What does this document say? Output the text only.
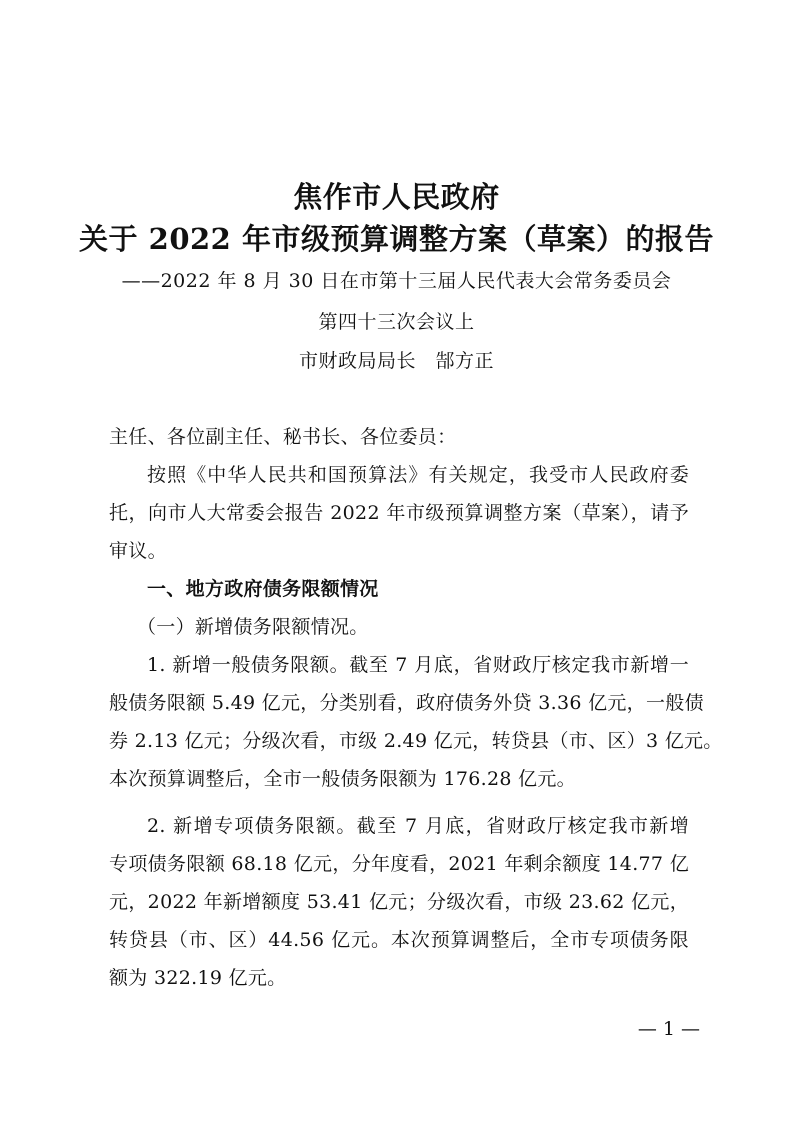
焦作市人民政府
关于 2022 年市级预算调整方案（草案）的报告
——2022 年 8 月 30 日在市第十三届人民代表大会常务委员会
第四十三次会议上
市财政局局长　郜方正
主任、各位副主任、秘书长、各位委员：
按照《中华人民共和国预算法》有关规定，我受市人民政府委
托，向市人大常委会报告 2022 年市级预算调整方案（草案），请予
审议。
一、地方政府债务限额情况
（一）新增债务限额情况。
1. 新增一般债务限额。截至 7 月底，省财政厅核定我市新增一
般债务限额 5.49 亿元，分类别看，政府债务外贷 3.36 亿元，一般债
券 2.13 亿元；分级次看，市级 2.49 亿元，转贷县（市、区）3 亿元。
本次预算调整后，全市一般债务限额为 176.28 亿元。
2. 新增专项债务限额。截至 7 月底，省财政厅核定我市新增
专项债务限额 68.18 亿元，分年度看，2021 年剩余额度 14.77 亿
元，2022 年新增额度 53.41 亿元；分级次看，市级 23.62 亿元，
转贷县（市、区）44.56 亿元。本次预算调整后，全市专项债务限
额为 322.19 亿元。
— 1 —
